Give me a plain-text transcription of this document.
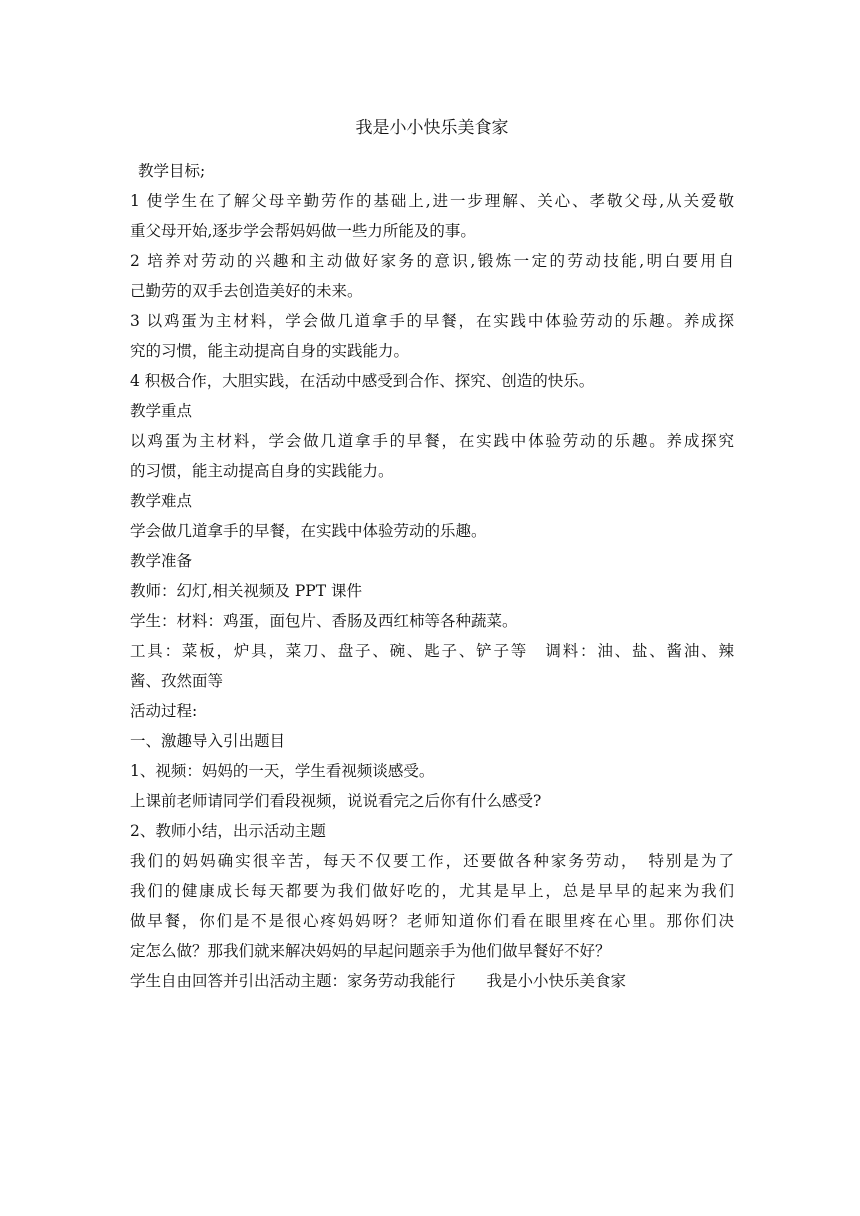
我是小小快乐美食家
教学目标;
1 使学生在了解父母辛勤劳作的基础上,进一步理解、关心、孝敬父母,从关爱敬
重父母开始,逐步学会帮妈妈做一些力所能及的事。
2 培养对劳动的兴趣和主动做好家务的意识,锻炼一定的劳动技能,明白要用自
己勤劳的双手去创造美好的未来。
3 以鸡蛋为主材料，学会做几道拿手的早餐，在实践中体验劳动的乐趣。养成探
究的习惯，能主动提高自身的实践能力。
4 积极合作，大胆实践，在活动中感受到合作、探究、创造的快乐。
教学重点
以鸡蛋为主材料，学会做几道拿手的早餐，在实践中体验劳动的乐趣。养成探究
的习惯，能主动提高自身的实践能力。
教学难点
学会做几道拿手的早餐，在实践中体验劳动的乐趣。
教学准备
教师：幻灯,相关视频及 PPT 课件
学生：材料：鸡蛋，面包片、香肠及西红柿等各种蔬菜。
工具：菜板，炉具，菜刀、盘子、碗、匙子、铲子等　调料：油、盐、酱油、辣
酱、孜然面等
活动过程:
一、激趣导入引出题目
1、视频：妈妈的一天，学生看视频谈感受。
上课前老师请同学们看段视频，说说看完之后你有什么感受?
2、教师小结，出示活动主题
我们的妈妈确实很辛苦，每天不仅要工作，还要做各种家务劳动，　特别是为了
我们的健康成长每天都要为我们做好吃的，尤其是早上，总是早早的起来为我们
做早餐，你们是不是很心疼妈妈呀？老师知道你们看在眼里疼在心里。那你们决
定怎么做？那我们就来解决妈妈的早起问题亲手为他们做早餐好不好？
学生自由回答并引出活动主题：家务劳动我能行　　我是小小快乐美食家
